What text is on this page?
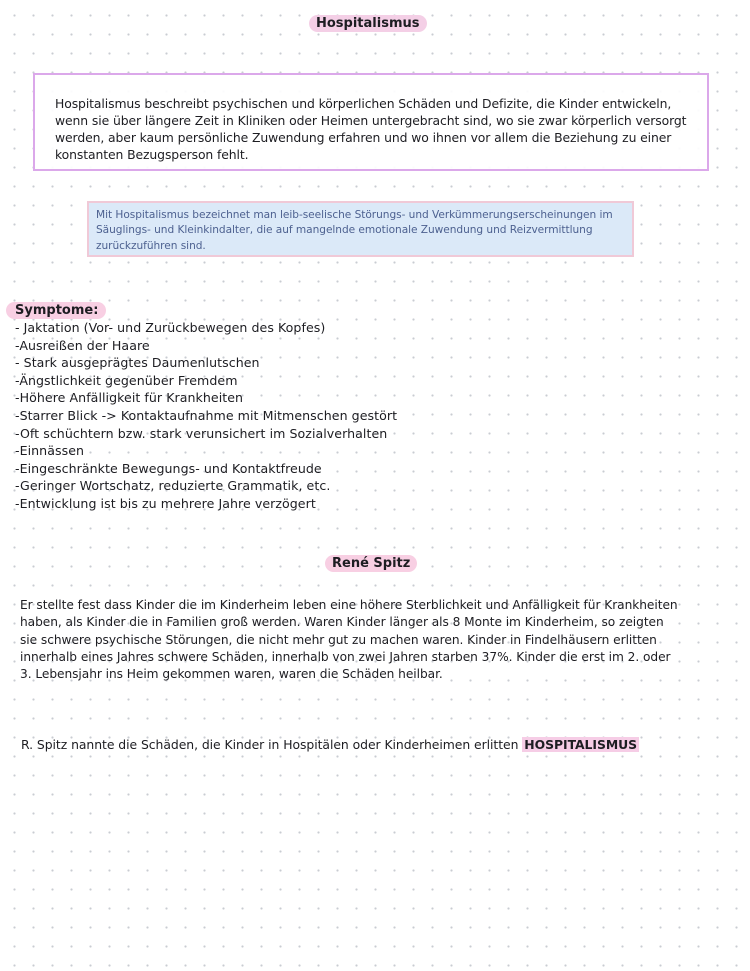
Hospitalismus
Hospitalismus beschreibt psychischen und körperlichen Schäden und Defizite, die Kinder entwickeln, wenn sie über längere Zeit in Kliniken oder Heimen untergebracht sind, wo sie zwar körperlich versorgt werden, aber kaum persönliche Zuwendung erfahren und wo ihnen vor allem die Beziehung zu einer konstanten Bezugsperson fehlt.
Mit Hospitalismus bezeichnet man leib-seelische Störungs- und Verkümmerungserscheinungen im Säuglings- und Kleinkindalter, die auf mangelnde emotionale Zuwendung und Reizvermittlung zurückzuführen sind.
Symptome:
- Jaktation (Vor- und Zurückbewegen des Kopfes)
-Ausreißen der Haare
- Stark ausgeprägtes Daumenlutschen
-Ängstlichkeit gegenüber Fremdem
-Höhere Anfälligkeit für Krankheiten
-Starrer Blick -> Kontaktaufnahme mit Mitmenschen gestört
-Oft schüchtern bzw. stark verunsichert im Sozialverhalten
-Einnässen
-Eingeschränkte Bewegungs- und Kontaktfreude
-Geringer Wortschatz, reduzierte Grammatik, etc.
-Entwicklung ist bis zu mehrere Jahre verzögert
René Spitz
Er stellte fest dass Kinder die im Kinderheim leben eine höhere Sterblichkeit und Anfälligkeit für Krankheiten haben, als Kinder die in Familien groß werden. Waren Kinder länger als 8 Monte im Kinderheim, so zeigten sie schwere psychische Störungen, die nicht mehr gut zu machen waren. Kinder in Findelhäusern erlitten innerhalb eines Jahres schwere Schäden, innerhalb von zwei Jahren starben 37%. Kinder die erst im 2. oder 3. Lebensjahr ins Heim gekommen waren, waren die Schäden heilbar.
R. Spitz nannte die Schäden, die Kinder in Hospitälen oder Kinderheimen erlitten HOSPITALISMUS
